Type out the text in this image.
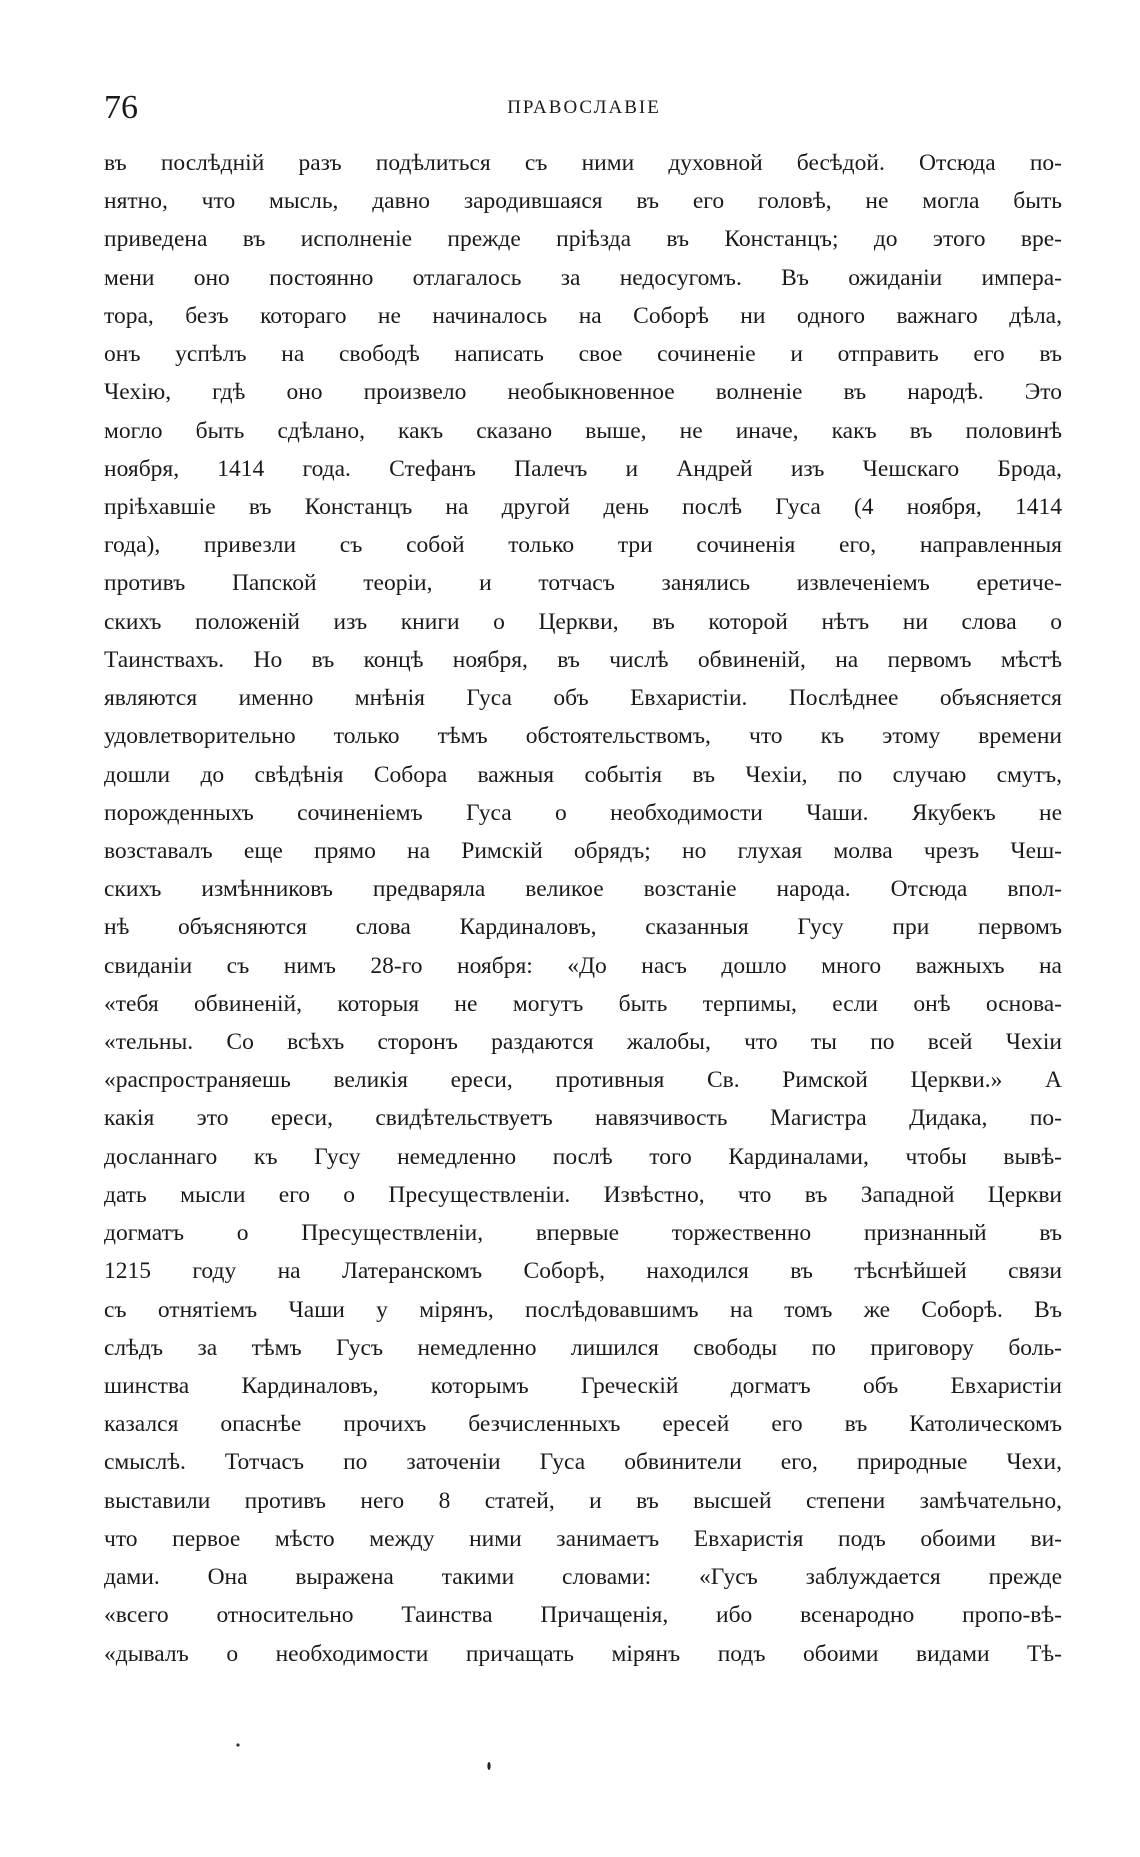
76	ПРАВОСЛАВІЕ
въ послѣдній разъ подѣлиться съ ними духовной бесѣдой. Отсюда по-
нятно, что мысль, давно зародившаяся въ его головѣ, не могла быть
приведена въ исполненіе прежде пріѣзда въ Констанцъ; до этого вре-
мени оно постоянно отлагалось за недосугомъ. Въ ожиданіи импера-
тора, безъ котораго не начиналось на Соборѣ ни одного важнаго дѣла,
онъ успѣлъ на свободѣ написать свое сочиненіе и отправить его въ
Чехію, гдѣ оно произвело необыкновенное волненіе въ народѣ. Это
могло быть сдѣлано, какъ сказано выше, не иначе, какъ въ половинѣ
ноября, 1414 года. Стефанъ Палечъ и Андрей изъ Чешскаго Брода,
пріѣхавшіе въ Констанцъ на другой день послѣ Гуса (4 ноября, 1414
года), привезли съ собой только три сочиненія его, направленныя
противъ Папской теоріи, и тотчасъ занялись извлеченіемъ еретиче-
скихъ положеній изъ книги о Церкви, въ которой нѣтъ ни слова о
Таинствахъ. Но въ концѣ ноября, въ числѣ обвиненій, на первомъ мѣстѣ
являются именно мнѣнія Гуса объ Евхаристіи. Послѣднее объясняется
удовлетворительно только тѣмъ обстоятельствомъ, что къ этому времени
дошли до свѣдѣнія Собора важныя событія въ Чехіи, по случаю смутъ,
порожденныхъ сочиненіемъ Гуса о необходимости Чаши. Якубекъ не
возставалъ еще прямо на Римскій обрядъ; но глухая молва чрезъ Чеш-
скихъ измѣнниковъ предваряла великое возстаніе народа. Отсюда впол-
нѣ объясняются слова Кардиналовъ, сказанныя Гусу при первомъ
свиданіи съ нимъ 28-го ноября: «До насъ дошло много важныхъ на
«тебя обвиненій, которыя не могутъ быть терпимы, если онѣ основа-
«тельны. Со всѣхъ сторонъ раздаются жалобы, что ты по всей Чехіи
«распространяешь великія ереси, противныя Св. Римской Церкви.» А
какія это ереси, свидѣтельствуетъ навязчивость Магистра Дидака, по-
досланнаго къ Гусу немедленно послѣ того Кардиналами, чтобы вывѣ-
дать мысли его о Пресуществленіи. Извѣстно, что въ Западной Церкви
догматъ о Пресуществленіи, впервые торжественно признанный въ
1215 году на Латеранскомъ Соборѣ, находился въ тѣснѣйшей связи
съ отнятіемъ Чаши у мірянъ, послѣдовавшимъ на томъ же Соборѣ. Въ
слѣдъ за тѣмъ Гусъ немедленно лишился свободы по приговору боль-
шинства Кардиналовъ, которымъ Греческій догматъ объ Евхаристіи
казался опаснѣе прочихъ безчисленныхъ ересей его въ Католическомъ
смыслѣ. Тотчасъ по заточеніи Гуса обвинители его, природные Чехи,
выставили противъ него 8 статей, и въ высшей степени замѣчательно,
что первое мѣсто между ними занимаетъ Евхаристія подъ обоими ви-
дами. Она выражена такими словами: «Гусъ заблуждается прежде
«всего относительно Таинства Причащенія, ибо всенародно пропо-вѣ-
«дывалъ о необходимости причащать мірянъ подъ обоими видами Тѣ-
